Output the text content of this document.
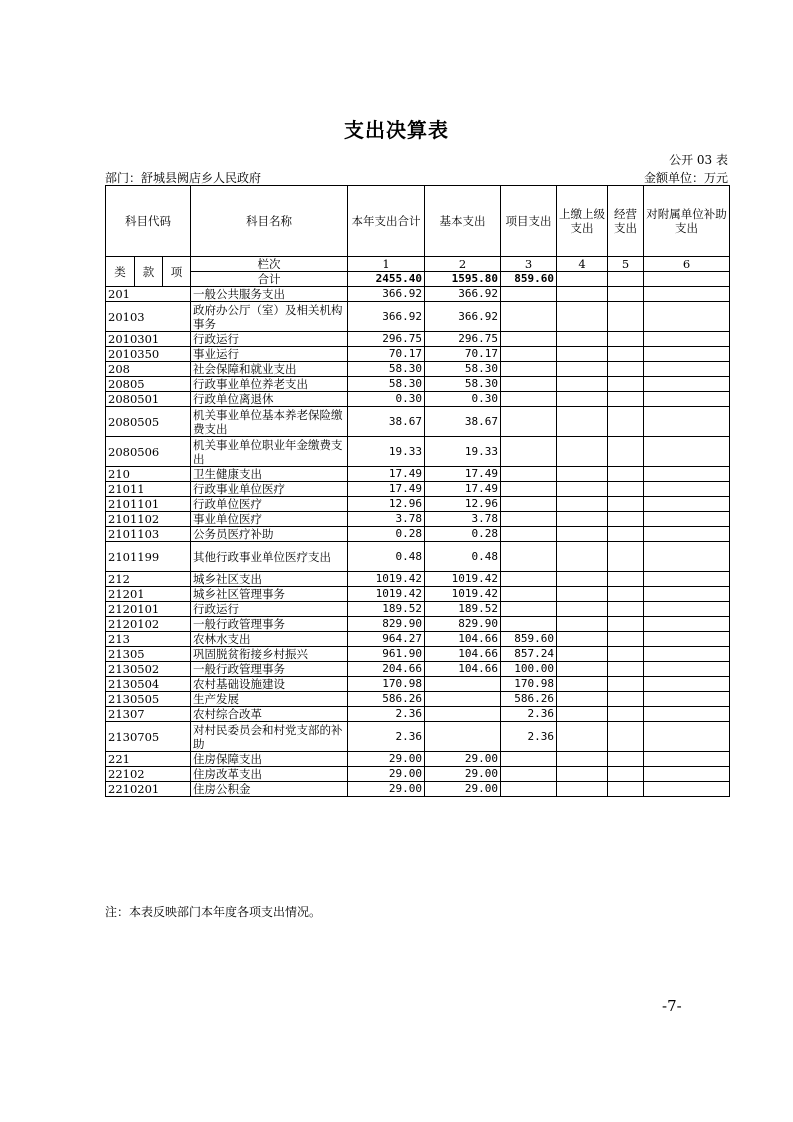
支出决算表
公开 03 表
部门：舒城县阙店乡人民政府	金额单位：万元
科目代码			科目名称	本年支出合计	基本支出	项目支出	上缴上级支出	经营支出	对附属单位补助支出
类	款	项	栏次	1	2	3	4	5	6
			合计	2455.40	1595.80	859.60			
201			一般公共服务支出	366.92	366.92				
20103			政府办公厅（室）及相关机构事务	366.92	366.92				
2010301			行政运行	296.75	296.75				
2010350			事业运行	70.17	70.17				
208			社会保障和就业支出	58.30	58.30				
20805			行政事业单位养老支出	58.30	58.30				
2080501			行政单位离退休	0.30	0.30				
2080505			机关事业单位基本养老保险缴费支出	38.67	38.67				
2080506			机关事业单位职业年金缴费支出	19.33	19.33				
210			卫生健康支出	17.49	17.49				
21011			行政事业单位医疗	17.49	17.49				
2101101			行政单位医疗	12.96	12.96				
2101102			事业单位医疗	3.78	3.78				
2101103			公务员医疗补助	0.28	0.28				
2101199			其他行政事业单位医疗支出	0.48	0.48				
212			城乡社区支出	1019.42	1019.42				
21201			城乡社区管理事务	1019.42	1019.42				
2120101			行政运行	189.52	189.52				
2120102			一般行政管理事务	829.90	829.90				
213			农林水支出	964.27	104.66	859.60			
21305			巩固脱贫衔接乡村振兴	961.90	104.66	857.24			
2130502			一般行政管理事务	204.66	104.66	100.00			
2130504			农村基础设施建设	170.98		170.98			
2130505			生产发展	586.26		586.26			
21307			农村综合改革	2.36		2.36			
2130705			对村民委员会和村党支部的补助	2.36		2.36			
221			住房保障支出	29.00	29.00				
22102			住房改革支出	29.00	29.00				
2210201			住房公积金	29.00	29.00				
注：本表反映部门本年度各项支出情况。
-7-
